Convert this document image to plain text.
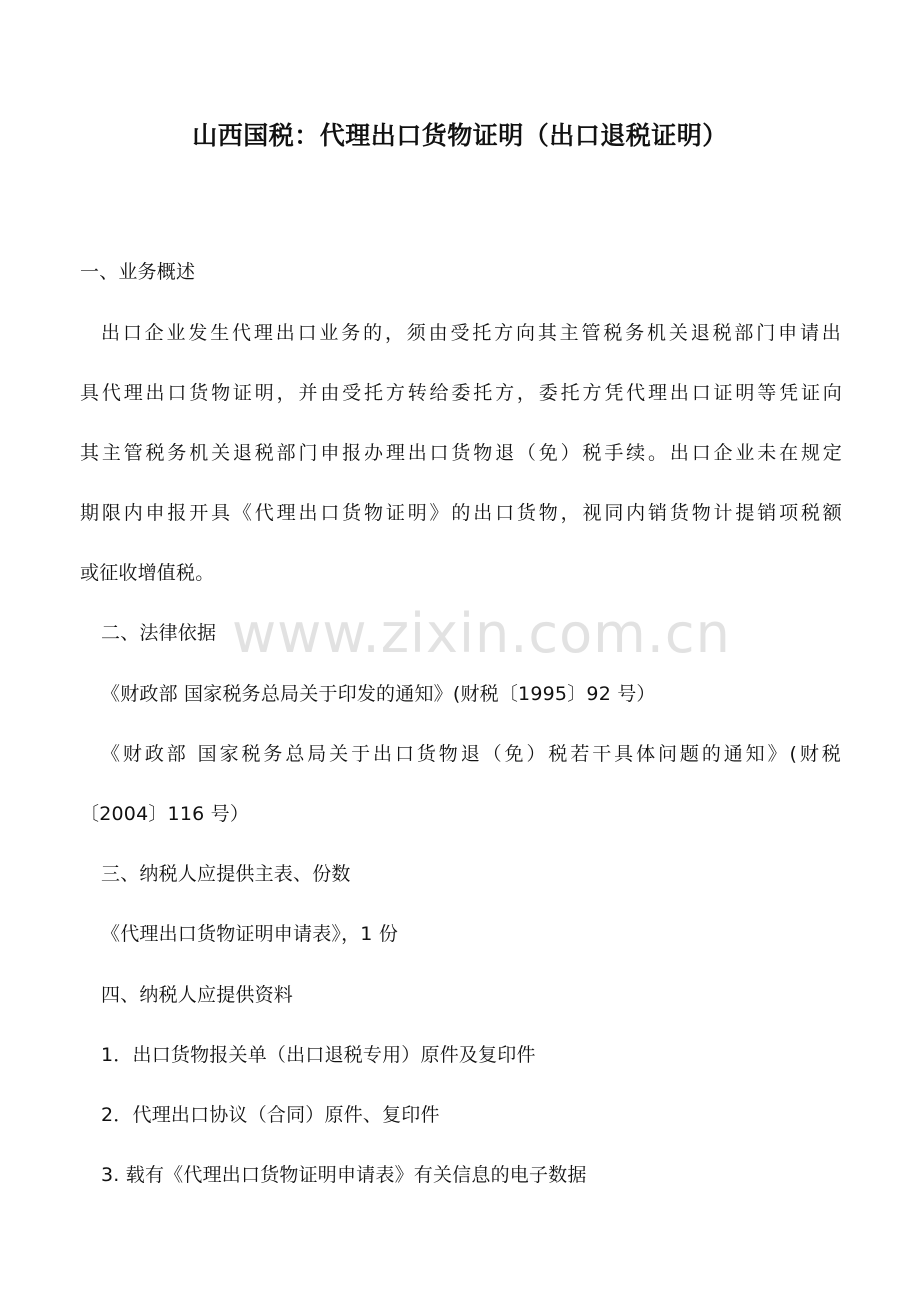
山西国税：代理出口货物证明（出口退税证明）
一、业务概述
出口企业发生代理出口业务的，须由受托方向其主管税务机关退税部门申请出
具代理出口货物证明，并由受托方转给委托方，委托方凭代理出口证明等凭证向
其主管税务机关退税部门申报办理出口货物退（免）税手续。出口企业未在规定
期限内申报开具《代理出口货物证明》的出口货物，视同内销货物计提销项税额
或征收增值税。
www.zixin.com.cn
二、法律依据
《财政部 国家税务总局关于印发的通知》(财税〔1995〕92 号）
《财政部 国家税务总局关于出口货物退（免）税若干具体问题的通知》(财税
〔2004〕116 号）
三、纳税人应提供主表、份数
《代理出口货物证明申请表》，1 份
四、纳税人应提供资料
1．出口货物报关单（出口退税专用）原件及复印件
2．代理出口协议（合同）原件、复印件
3. 载有《代理出口货物证明申请表》有关信息的电子数据
